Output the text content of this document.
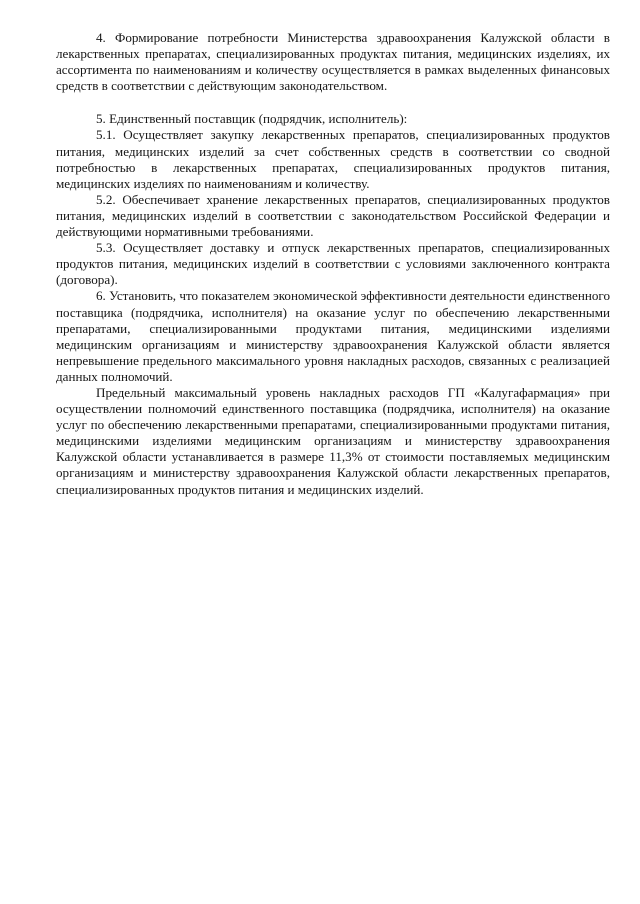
4. Формирование потребности Министерства здравоохранения Калужской области в лекарственных препаратах, специализированных продуктах питания, медицинских изделиях, их ассортимента по наименованиям и количеству осуществляется в рамках выделенных финансовых средств в соответствии с действующим законодательством.

5. Единственный поставщик (подрядчик, исполнитель):

5.1. Осуществляет закупку лекарственных препаратов, специализированных продуктов питания, медицинских изделий за счет собственных средств в соответствии со сводной потребностью в лекарственных препаратах, специализированных продуктов питания, медицинских изделиях по наименованиям и количеству.

5.2. Обеспечивает хранение лекарственных препаратов, специализированных продуктов питания, медицинских изделий в соответствии с законодательством Российской Федерации и действующими нормативными требованиями.

5.3. Осуществляет доставку и отпуск лекарственных препаратов, специализированных продуктов питания, медицинских изделий в соответствии с условиями заключенного контракта (договора).

6. Установить, что показателем экономической эффективности деятельности единственного поставщика (подрядчика, исполнителя) на оказание услуг по обеспечению лекарственными препаратами, специализированными продуктами питания, медицинскими изделиями медицинским организациям и министерству здравоохранения Калужской области является непревышение предельного максимального уровня накладных расходов, связанных с реализацией данных полномочий.

Предельный максимальный уровень накладных расходов ГП «Калугафармация» при осуществлении полномочий единственного поставщика (подрядчика, исполнителя) на оказание услуг по обеспечению лекарственными препаратами, специализированными продуктами питания, медицинскими изделиями медицинским организациям и министерству здравоохранения Калужской области устанавливается в размере 11,3% от стоимости поставляемых медицинским организациям и министерству здравоохранения Калужской области лекарственных препаратов, специализированных продуктов питания и медицинских изделий.
